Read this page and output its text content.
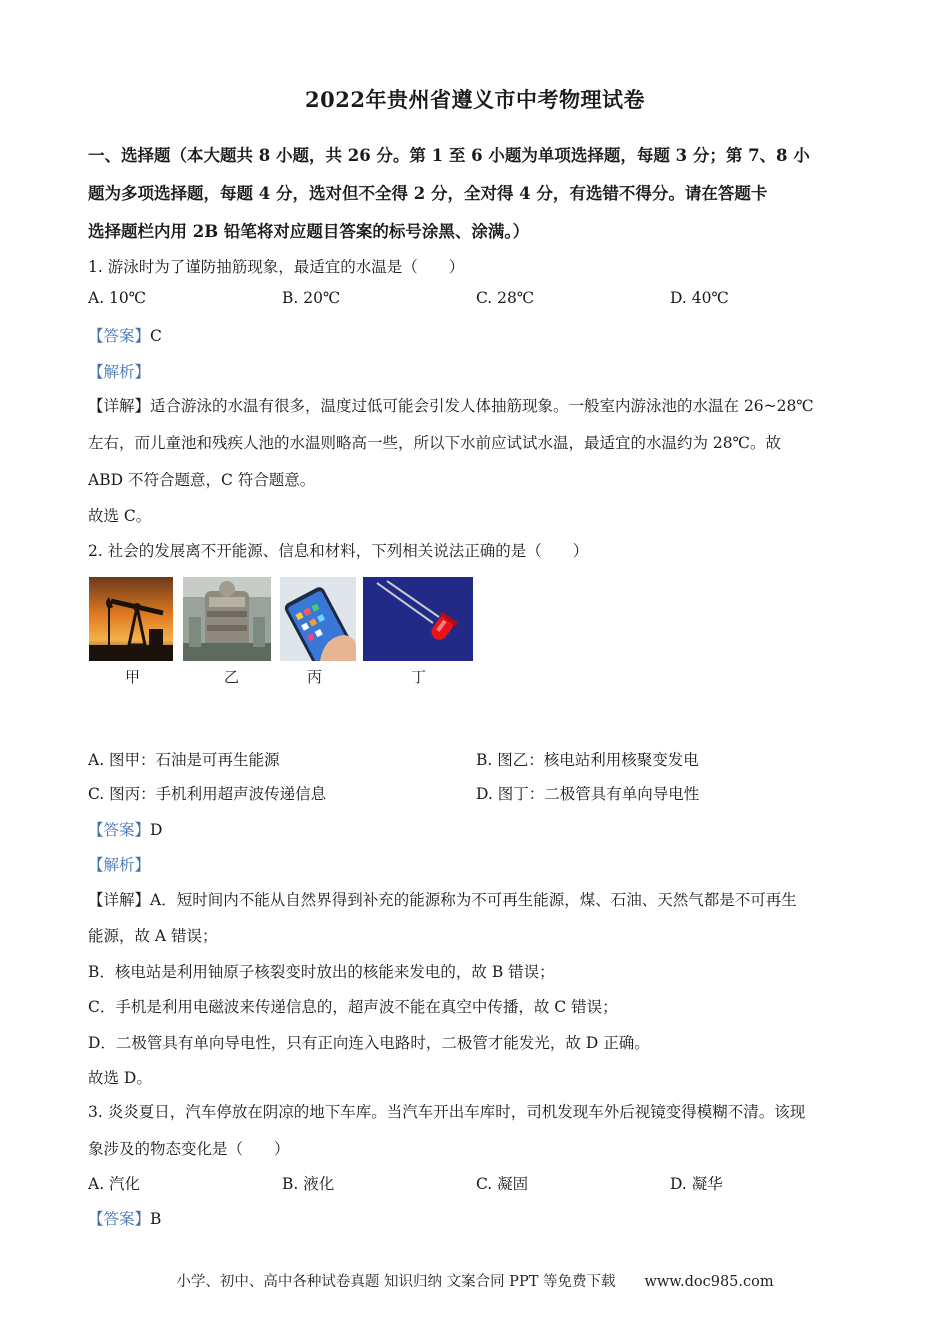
2022年贵州省遵义市中考物理试卷
一、选择题（本大题共 8 小题，共 26 分。第 1 至 6 小题为单项选择题，每题 3 分；第 7、8 小
题为多项选择题，每题 4 分，选对但不全得 2 分，全对得 4 分，有选错不得分。请在答题卡
选择题栏内用 2B 铅笔将对应题目答案的标号涂黑、涂满。）
1. 游泳时为了谨防抽筋现象，最适宜的水温是（　　）
A. 10℃	B. 20℃	C. 28℃	D. 40℃
【答案】C
【解析】
【详解】适合游泳的水温有很多，温度过低可能会引发人体抽筋现象。一般室内游泳池的水温在 26~28℃
左右，而儿童池和残疾人池的水温则略高一些，所以下水前应试试水温，最适宜的水温约为 28℃。故
ABD 不符合题意，C 符合题意。
故选 C。
2. 社会的发展离不开能源、信息和材料，下列相关说法正确的是（　　）
甲	乙	丙	丁
A. 图甲：石油是可再生能源	B. 图乙：核电站利用核聚变发电
C. 图丙：手机利用超声波传递信息	D. 图丁：二极管具有单向导电性
【答案】D
【解析】
【详解】A．短时间内不能从自然界得到补充的能源称为不可再生能源，煤、石油、天然气都是不可再生
能源，故 A 错误；
B．核电站是利用铀原子核裂变时放出的核能来发电的，故 B 错误；
C．手机是利用电磁波来传递信息的，超声波不能在真空中传播，故 C 错误；
D．二极管具有单向导电性，只有正向连入电路时，二极管才能发光，故 D 正确。
故选 D。
3. 炎炎夏日，汽车停放在阴凉的地下车库。当汽车开出车库时，司机发现车外后视镜变得模糊不清。该现
象涉及的物态变化是（　　）
A. 汽化	B. 液化	C. 凝固	D. 凝华
【答案】B
小学、初中、高中各种试卷真题 知识归纳 文案合同 PPT 等免费下载　　www.doc985.com
